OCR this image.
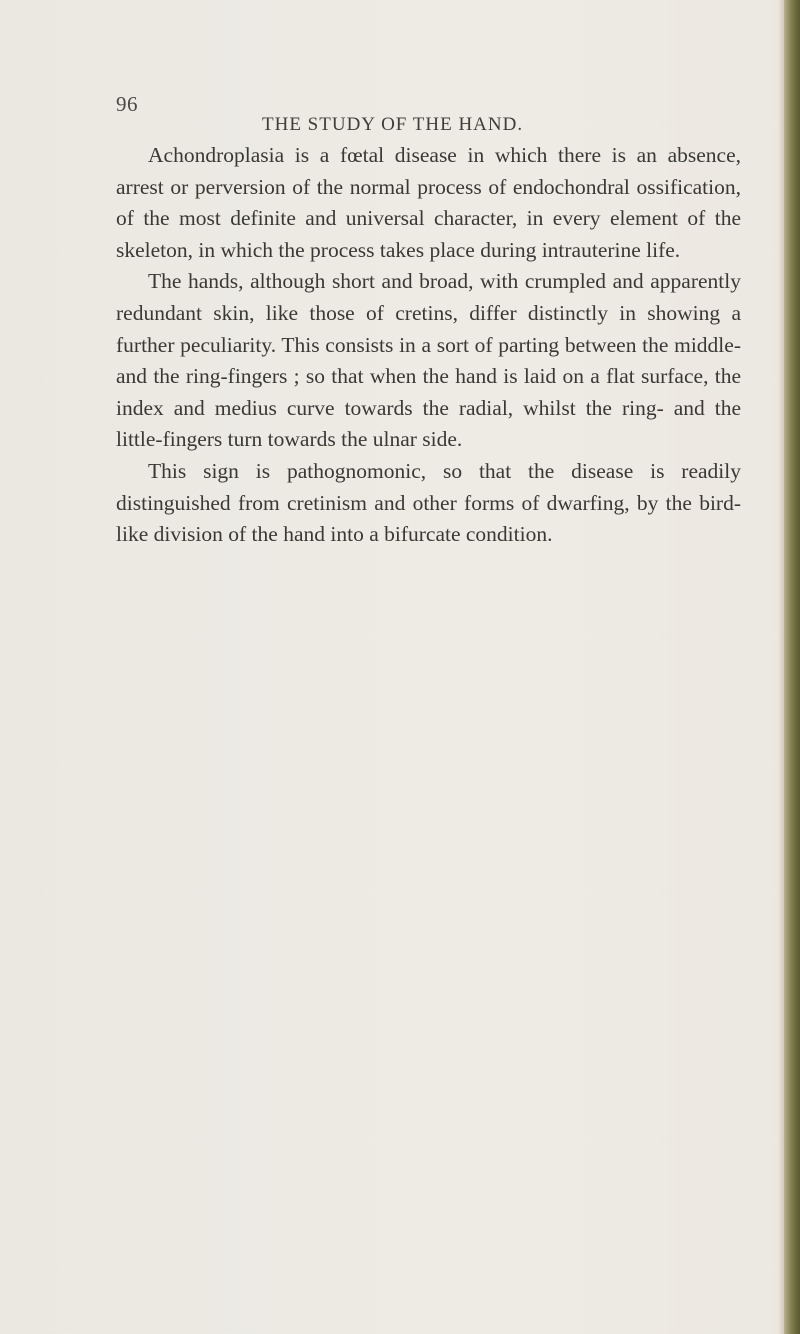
96
THE STUDY OF THE HAND.

Achondroplasia is a fœtal disease in which there is an absence, arrest or perversion of the normal process of endochondral ossification, of the most definite and universal character, in every element of the skeleton, in which the process takes place during intrauterine life.

The hands, although short and broad, with crumpled and apparently redundant skin, like those of cretins, differ distinctly in showing a further peculiarity. This consists in a sort of parting between the middle- and the ring-fingers ; so that when the hand is laid on a flat surface, the index and medius curve towards the radial, whilst the ring- and the little-fingers turn towards the ulnar side.

This sign is pathognomonic, so that the disease is readily distinguished from cretinism and other forms of dwarfing, by the bird-like division of the hand into a bifurcate condition.
